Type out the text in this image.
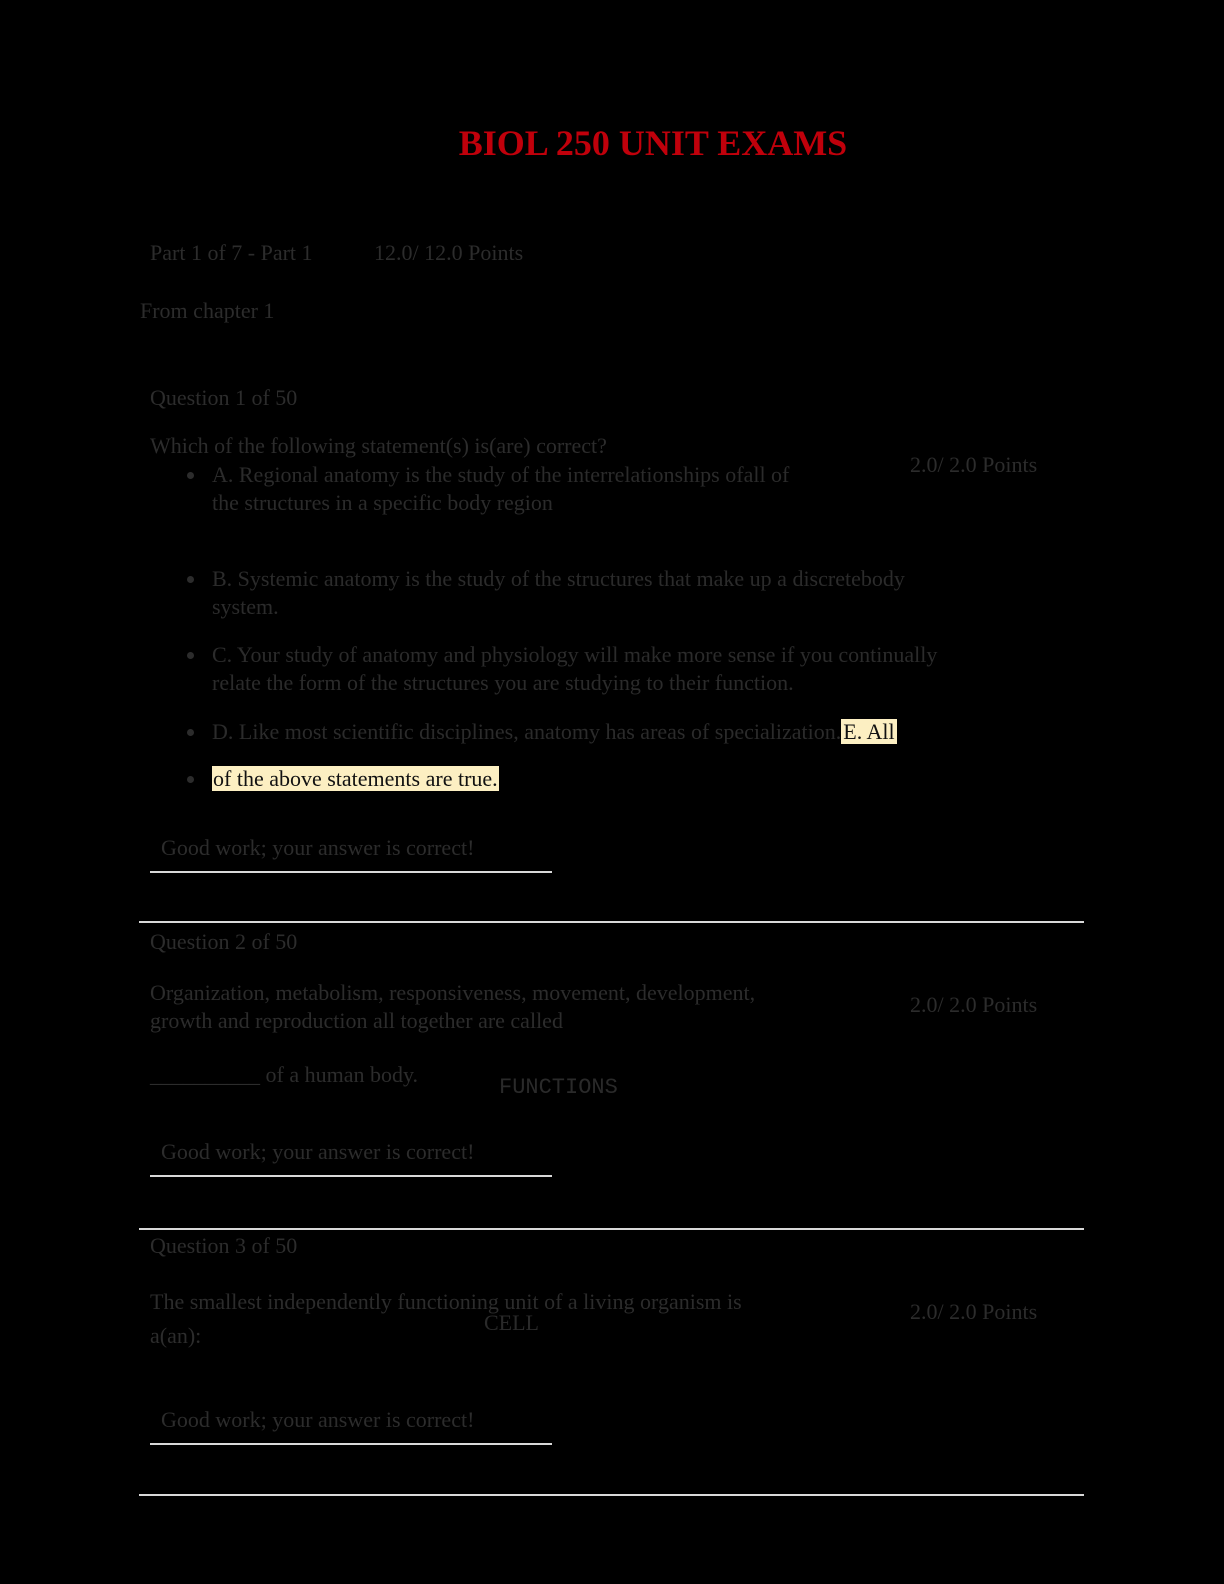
BIOL 250 UNIT EXAMS
Part 1 of 7 - Part 1	12.0/ 12.0 Points
From chapter 1
Question 1 of 50
Which of the following statement(s) is(are) correct?
2.0/ 2.0 Points
A. Regional anatomy is the study of the interrelationships ofall of
the structures in a specific body region
B. Systemic anatomy is the study of the structures that make up a discretebody
system.
C. Your study of anatomy and physiology will make more sense if you continually
relate the form of the structures you are studying to their function.
D. Like most scientific disciplines, anatomy has areas of specialization.E. All
of the above statements are true.
Good work; your answer is correct!
Question 2 of 50
Organization, metabolism, responsiveness, movement, development,
growth and reproduction all together are called
2.0/ 2.0 Points
__________ of a human body.
FUNCTIONS
Good work; your answer is correct!
Question 3 of 50
The smallest independently functioning unit of a living organism is
a(an):
2.0/ 2.0 Points
CELL
Good work; your answer is correct!
